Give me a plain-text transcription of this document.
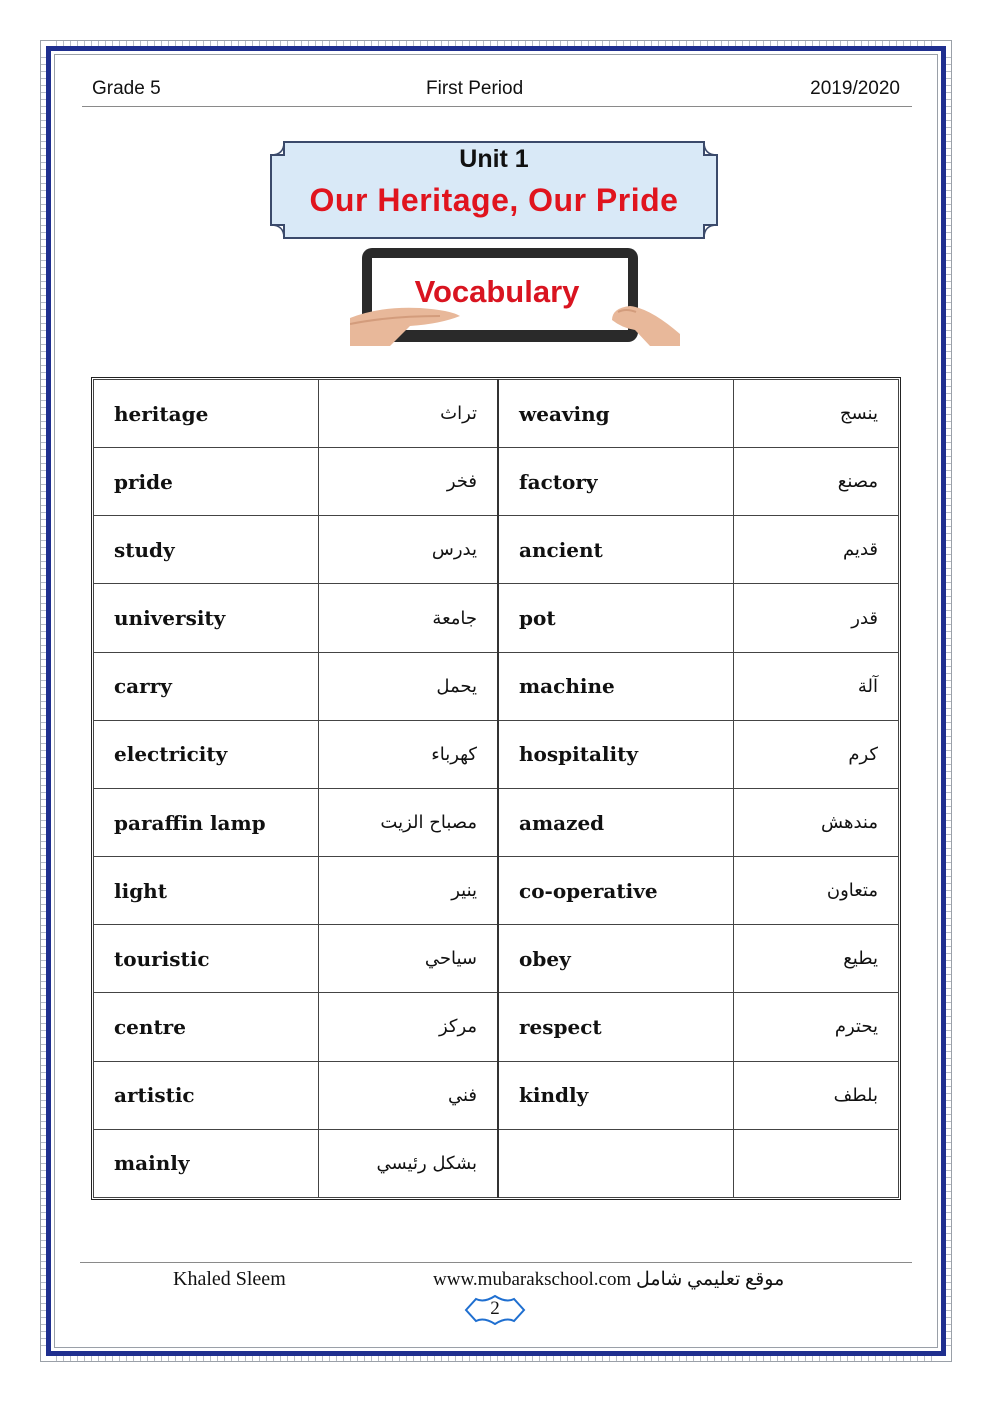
Grade 5	First Period	2019/2020
Unit 1
Our Heritage, Our Pride
Vocabulary
heritage	تراث	weaving	ينسج
pride	فخر	factory	مصنع
study	يدرس	ancient	قديم
university	جامعة	pot	قدر
carry	يحمل	machine	آلة
electricity	كهرباء	hospitality	كرم
paraffin lamp	مصباح الزيت	amazed	مندهش
light	ينير	co-operative	متعاون
touristic	سياحي	obey	يطيع
centre	مركز	respect	يحترم
artistic	فني	kindly	بلطف
mainly	بشكل رئيسي		
Khaled Sleem	www.mubarakschool.com موقع تعليمي شامل
2
